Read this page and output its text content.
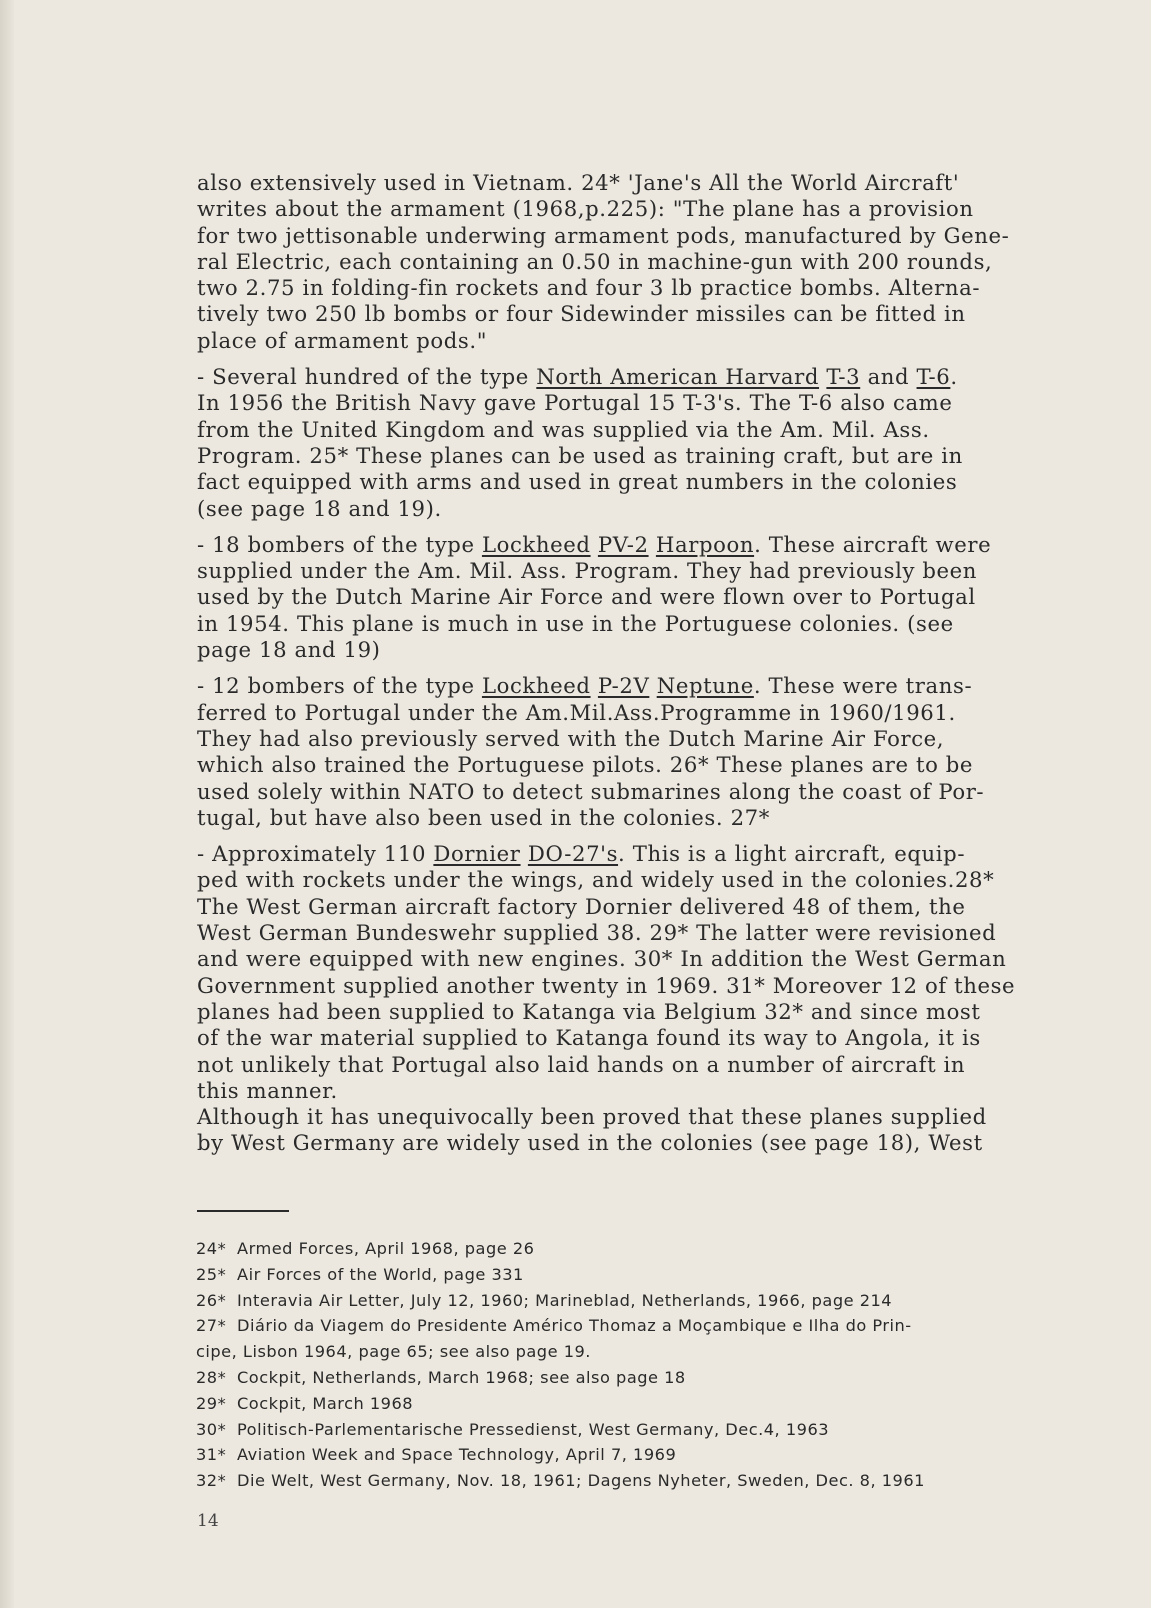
also extensively used in Vietnam. 24* 'Jane's All the World Aircraft'
writes about the armament (1968,p.225): "The plane has a provision
for two jettisonable underwing armament pods, manufactured by Gene-
ral Electric, each containing an 0.50 in machine-gun with 200 rounds,
two 2.75 in folding-fin rockets and four 3 lb practice bombs. Alterna-
tively two 250 lb bombs or four Sidewinder missiles can be fitted in
place of armament pods."
- Several hundred of the type North American Harvard T-3 and T-6.
In 1956 the British Navy gave Portugal 15 T-3's. The T-6 also came
from the United Kingdom and was supplied via the Am. Mil. Ass.
Program. 25* These planes can be used as training craft, but are in
fact equipped with arms and used in great numbers in the colonies
(see page 18 and 19).
- 18 bombers of the type Lockheed PV-2 Harpoon. These aircraft were
supplied under the Am. Mil. Ass. Program. They had previously been
used by the Dutch Marine Air Force and were flown over to Portugal
in 1954. This plane is much in use in the Portuguese colonies. (see
page 18 and 19)
- 12 bombers of the type Lockheed P-2V Neptune. These were trans-
ferred to Portugal under the Am.Mil.Ass.Programme in 1960/1961.
They had also previously served with the Dutch Marine Air Force,
which also trained the Portuguese pilots. 26* These planes are to be
used solely within NATO to detect submarines along the coast of Por-
tugal, but have also been used in the colonies. 27*
- Approximately 110 Dornier DO-27's. This is a light aircraft, equip-
ped with rockets under the wings, and widely used in the colonies.28*
The West German aircraft factory Dornier delivered 48 of them, the
West German Bundeswehr supplied 38. 29* The latter were revisioned
and were equipped with new engines. 30* In addition the West German
Government supplied another twenty in 1969. 31* Moreover 12 of these
planes had been supplied to Katanga via Belgium 32* and since most
of the war material supplied to Katanga found its way to Angola, it is
not unlikely that Portugal also laid hands on a number of aircraft in
this manner.
Although it has unequivocally been proved that these planes supplied
by West Germany are widely used in the colonies (see page 18), West
24* Armed Forces, April 1968, page 26
25* Air Forces of the World, page 331
26* Interavia Air Letter, July 12, 1960; Marineblad, Netherlands, 1966, page 214
27* Diário da Viagem do Presidente Américo Thomaz a Moçambique e Ilha do Prin-
cipe, Lisbon 1964, page 65; see also page 19.
28* Cockpit, Netherlands, March 1968; see also page 18
29* Cockpit, March 1968
30* Politisch-Parlementarische Pressedienst, West Germany, Dec.4, 1963
31* Aviation Week and Space Technology, April 7, 1969
32* Die Welt, West Germany, Nov. 18, 1961; Dagens Nyheter, Sweden, Dec. 8, 1961
14
